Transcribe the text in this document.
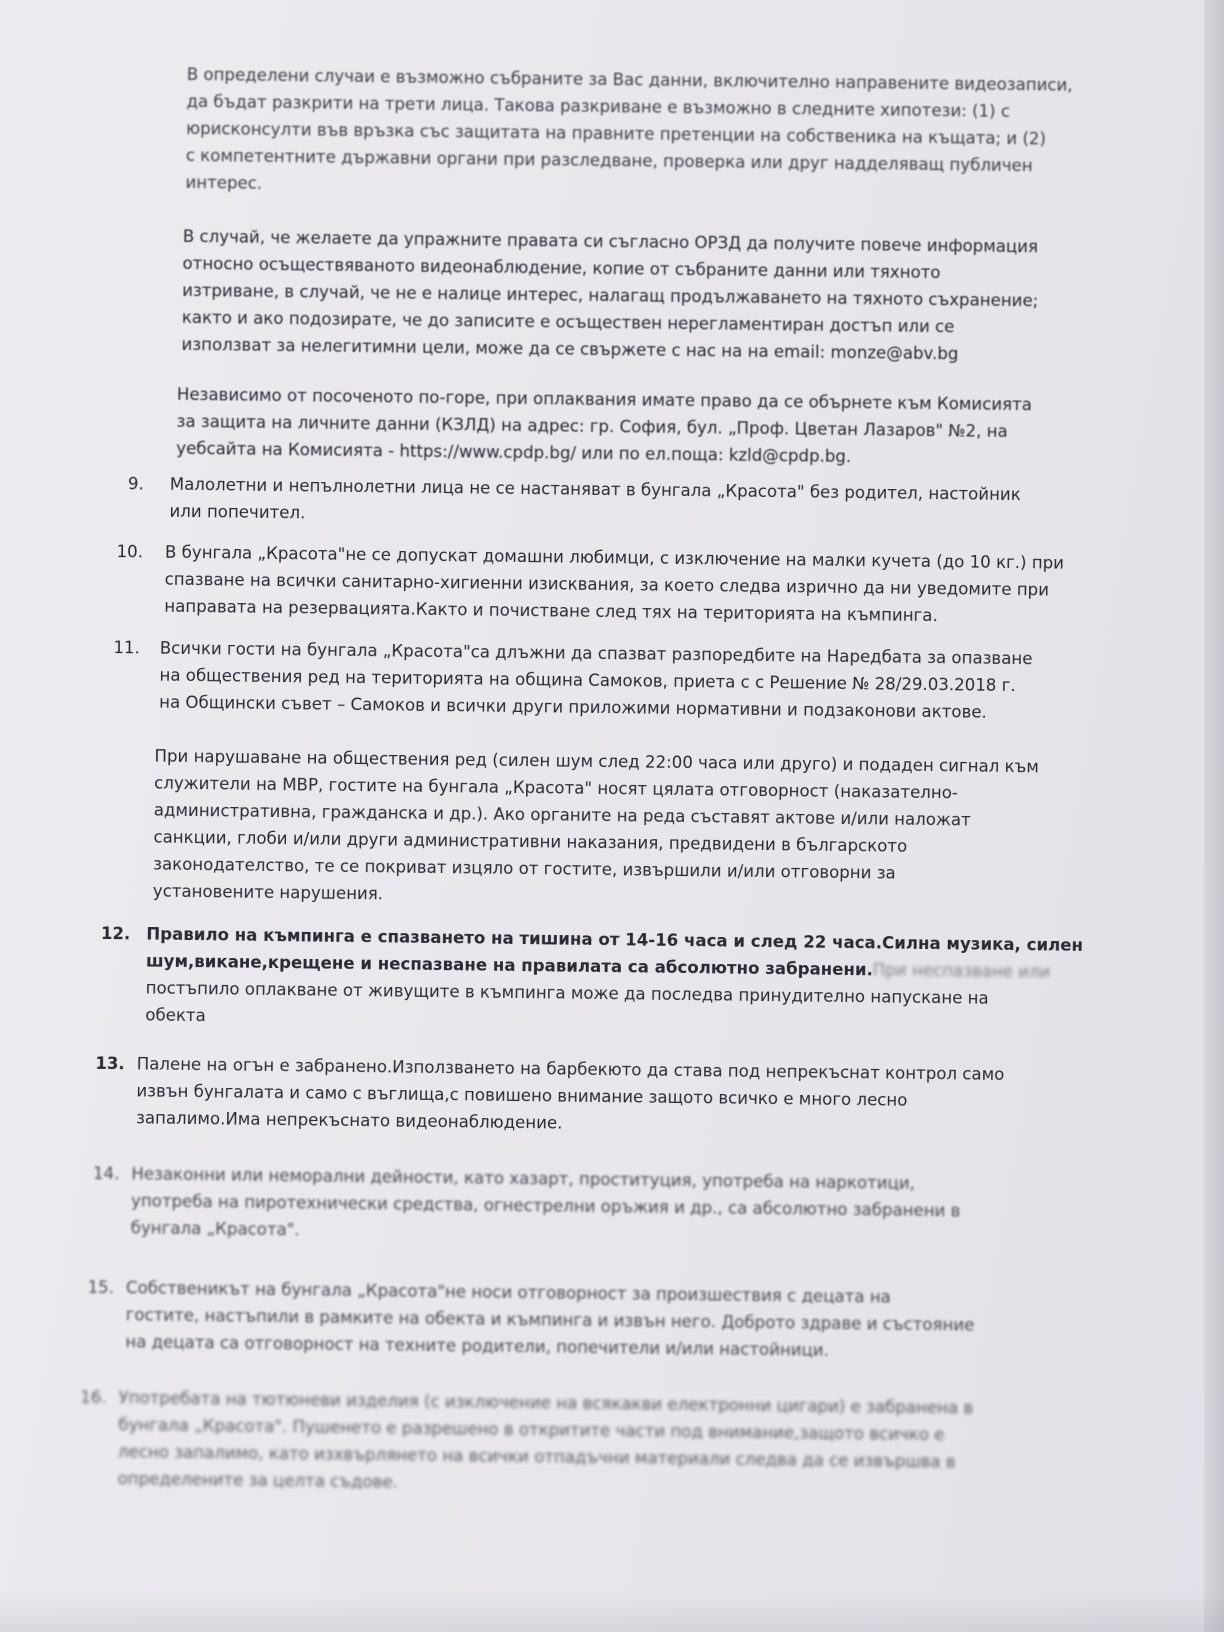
В определени случаи е възможно събраните за Вас данни, включително направените видеозаписи,
да бъдат разкрити на трети лица. Такова разкриване е възможно в следните хипотези: (1) с
юрисконсулти във връзка със защитата на правните претенции на собственика на къщата; и (2)
с компетентните държавни органи при разследване, проверка или друг надделяващ публичен
интерес.
В случай, че желаете да упражните правата си съгласно ОРЗД да получите повече информация
относно осъществяваното видеонаблюдение, копие от събраните данни или тяхното
изтриване, в случай, че не е налице интерес, налагащ продължаването на тяхното съхранение;
както и ако подозирате, че до записите е осъществен нерегламентиран достъп или се
използват за нелегитимни цели, може да се свържете с нас на на email: monze@abv.bg
Независимо от посоченото по-горе, при оплаквания имате право да се обърнете към Комисията
за защита на личните данни (КЗЛД) на адрес: гр. София, бул. „Проф. Цветан Лазаров" №2, на
уебсайта на Комисията - https://www.cpdp.bg/ или по ел.поща: kzld@cpdp.bg.
9. Малолетни и непълнолетни лица не се настаняват в бунгала „Красота" без родител, настойник
или попечител.
10. В бунгала „Красота"не се допускат домашни любимци, с изключение на малки кучета (до 10 кг.) при
спазване на всички санитарно-хигиенни изисквания, за което следва изрично да ни уведомите при
направата на резервацията.Както и почистване след тях на територията на къмпинга.
11. Всички гости на бунгала „Красота"са длъжни да спазват разпоредбите на Наредбата за опазване
на обществения ред на територията на община Самоков, приета с с Решение № 28/29.03.2018 г.
на Общински съвет – Самоков и всички други приложими нормативни и подзаконови актове.
При нарушаване на обществения ред (силен шум след 22:00 часа или друго) и подаден сигнал към
служители на МВР, гостите на бунгала „Красота" носят цялата отговорност (наказателно-
административна, гражданска и др.). Ако органите на реда съставят актове и/или наложат
санкции, глоби и/или други административни наказания, предвидени в българското
законодателство, те се покриват изцяло от гостите, извършили и/или отговорни за
установените нарушения.
12. Правило на къмпинга е спазването на тишина от 14-16 часа и след 22 часа.Силна музика, силен
шум,викане,крещене и неспазване на правилата са абсолютно забранени.При неспазване или
постъпило оплакване от живущите в къмпинга може да последва принудително напускане на
обекта
13. Палене на огън е забранено.Използването на барбекюто да става под непрекъснат контрол само
извън бунгалата и само с въглища,с повишено внимание защото всичко е много лесно
запалимо.Има непрекъснато видеонаблюдение.
14. Незаконни или неморални дейности, като хазарт, проституция, употреба на наркотици,
употреба на пиротехнически средства, огнестрелни оръжия и др., са абсолютно забранени в
бунгала „Красота".
15. Собственикът на бунгала „Красота"не носи отговорност за произшествия с децата на
гостите, настъпили в рамките на обекта и къмпинга и извън него. Доброто здраве и състояние
на децата са отговорност на техните родители, попечители и/или настойници.
16. Употребата на тютюневи изделия (с изключение на всякакви електронни цигари) е забранена в
бунгала „Красота". Пушенето е разрешено в откритите части под внимание,защото всичко е
лесно запалимо, като изхвърлянето на всички отпадъчни материали следва да се извършва в
определените за целта съдове.
